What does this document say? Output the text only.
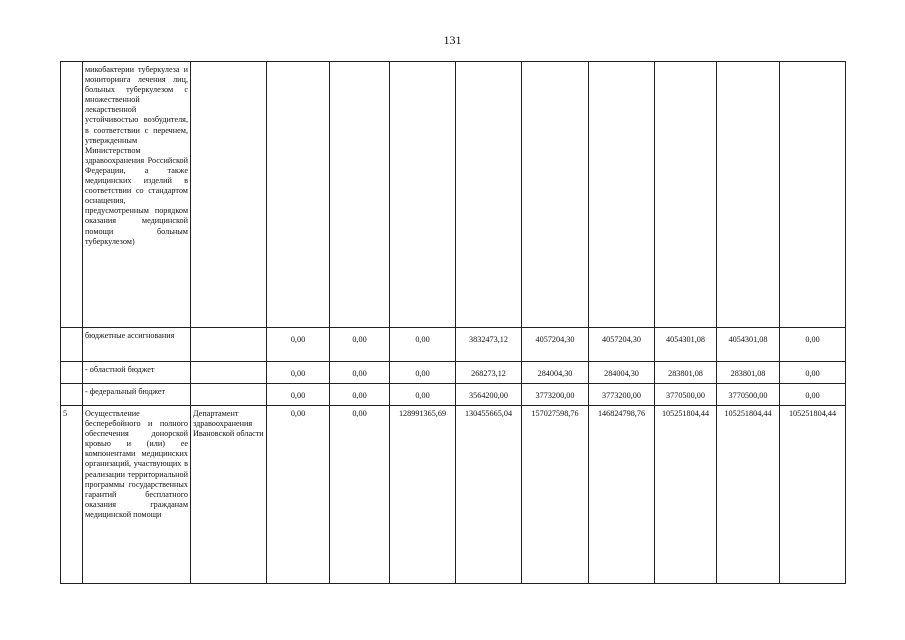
131
	микобактерии туберкулеза и мониторинга лечения лиц, больных туберкулезом с множественной лекарственной устойчивостью возбудителя, в соответствии с перечнем, утвержденным Министерством здравоохранения Российской Федерации, а также медицинских изделий в соответствии со стандартом оснащения, предусмотренным порядком оказания медицинской помощи больным туберкулезом)										
	бюджетные ассигнования		0,00	0,00	0,00	3832473,12	4057204,30	4057204,30	4054301,08	4054301,08	0,00
	- областной бюджет		0,00	0,00	0,00	268273,12	284004,30	284004,30	283801,08	283801,08	0,00
	- федеральный бюджет		0,00	0,00	0,00	3564200,00	3773200,00	3773200,00	3770500,00	3770500,00	0,00
5	Осуществление бесперебойного и полного обеспечения донорской кровью и (или) ее компонентами медицинских организаций, участвующих в реализации территориальной программы государственных гарантий бесплатного оказания гражданам медицинской помощи	Департамент здравоохранения Ивановской области	0,00	0,00	128991365,69	130455665,04	157027598,76	146824798,76	105251804,44	105251804,44	105251804,44
